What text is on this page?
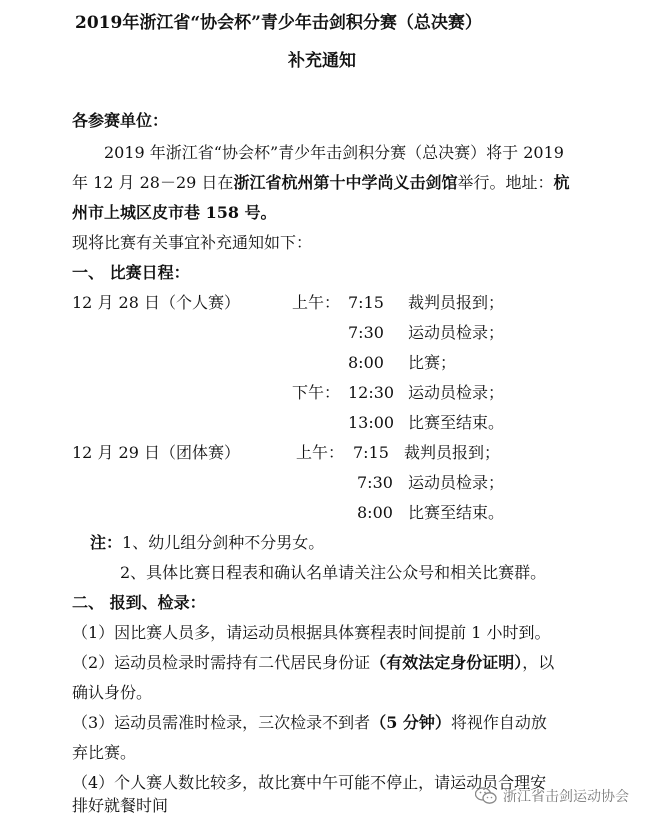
2019年浙江省“协会杯”青少年击剑积分赛（总决赛）
补充通知
各参赛单位：
2019 年浙江省“协会杯”青少年击剑积分赛（总决赛）将于 2019
年 12 月 28－29 日在浙江省杭州第十中学尚义击剑馆举行。地址：杭
州市上城区皮市巷 158 号。
现将比赛有关事宜补充通知如下：
一、 比赛日程：
12 月 28 日（个人赛）	上午： 7:15 裁判员报到；
7:30 运动员检录；
8:00 比赛；
下午： 12:30 运动员检录；
13:00 比赛至结束。
12 月 29 日（团体赛）	上午： 7:15 裁判员报到；
7:30 运动员检录；
8:00 比赛至结束。
注：1、幼儿组分剑种不分男女。
2、具体比赛日程表和确认名单请关注公众号和相关比赛群。
二、 报到、检录：
（1）因比赛人员多，请运动员根据具体赛程表时间提前 1 小时到。
（2）运动员检录时需持有二代居民身份证（有效法定身份证明），以
确认身份。
（3）运动员需准时检录，三次检录不到者（5 分钟）将视作自动放
弃比赛。
（4）个人赛人数比较多，故比赛中午可能不停止，请运动员合理安
排好就餐时间	浙江省击剑运动协会
